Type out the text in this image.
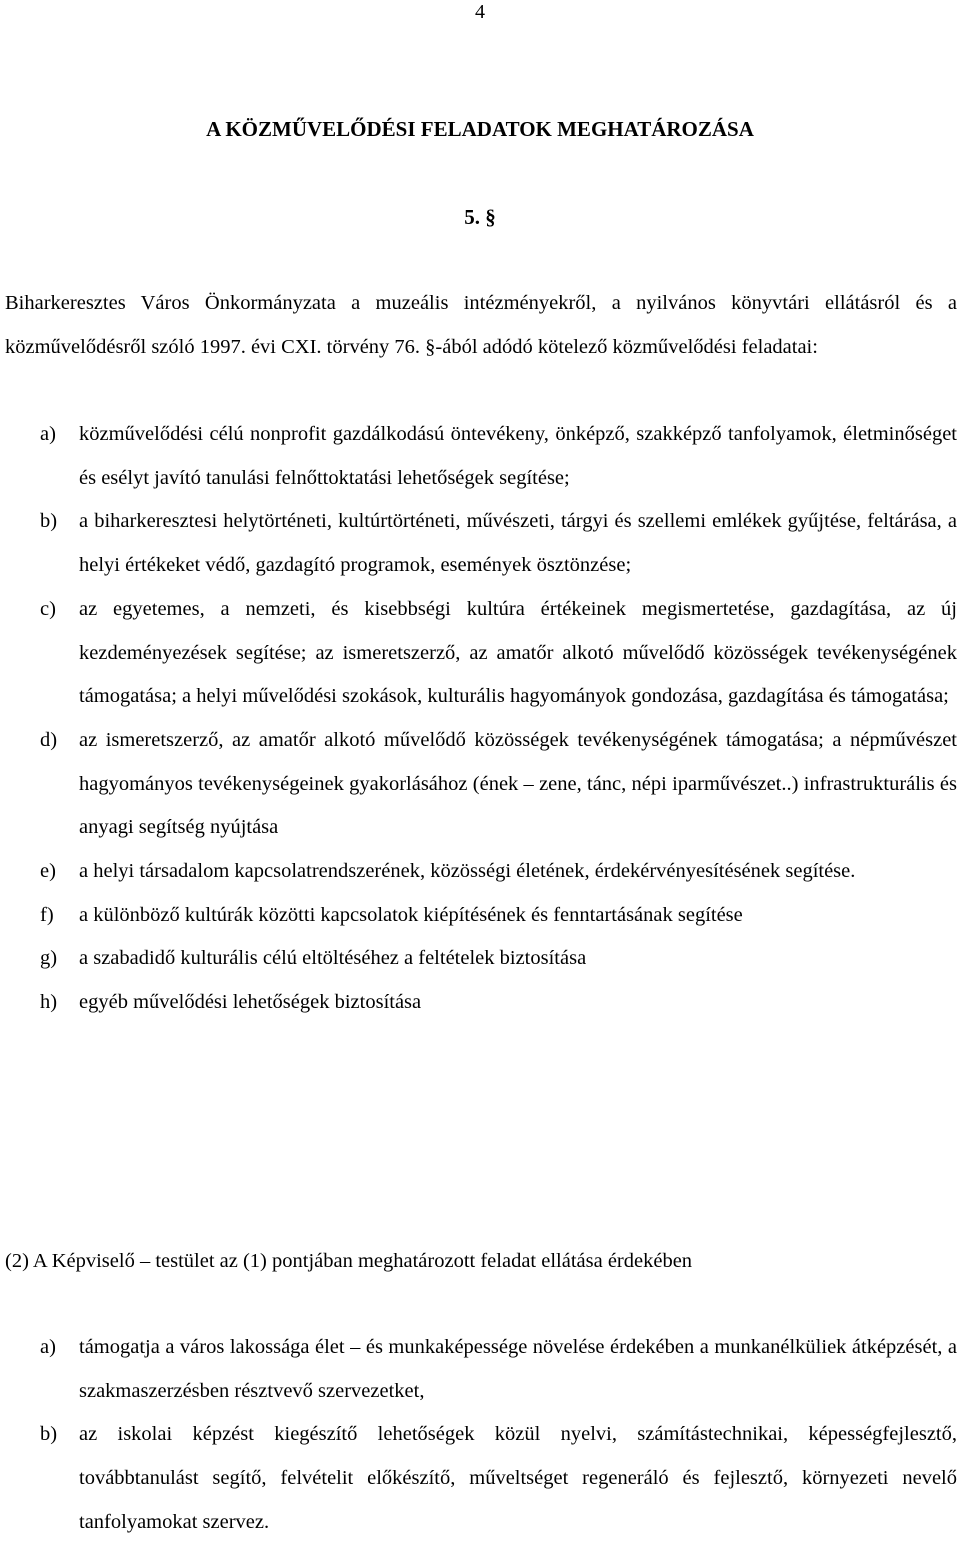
4
A KÖZMŰVELŐDÉSI FELADATOK MEGHATÁROZÁSA
5. §
Biharkeresztes Város Önkormányzata a muzeális intézményekről, a nyilvános könyvtári ellátásról és a közművelődésről szóló 1997. évi CXI. törvény 76. §-ából adódó kötelező közművelődési feladatai:
a) közművelődési célú nonprofit gazdálkodású öntevékeny, önképző, szakképző tanfolyamok, életminőséget és esélyt javító tanulási felnőttoktatási lehetőségek segítése;
b) a biharkeresztesi helytörténeti, kultúrtörténeti, művészeti, tárgyi és szellemi emlékek gyűjtése, feltárása, a helyi értékeket védő, gazdagító programok, események ösztönzése;
c) az egyetemes, a nemzeti, és kisebbségi kultúra értékeinek megismertetése, gazdagítása, az új kezdeményezések segítése; az ismeretszerző, az amatőr alkotó művelődő közösségek tevékenységének támogatása; a helyi művelődési szokások, kulturális hagyományok gondozása, gazdagítása és támogatása;
d) az ismeretszerző, az amatőr alkotó művelődő közösségek tevékenységének támogatása; a népművészet hagyományos tevékenységeinek gyakorlásához (ének – zene, tánc, népi iparművészet..) infrastrukturális és anyagi segítség nyújtása
e) a helyi társadalom kapcsolatrendszerének, közösségi életének, érdekérvényesítésének segítése.
f) a különböző kultúrák közötti kapcsolatok kiépítésének és fenntartásának segítése
g) a szabadidő kulturális célú eltöltéséhez a feltételek biztosítása
h) egyéb művelődési lehetőségek biztosítása
(2) A Képviselő – testület az (1) pontjában meghatározott feladat ellátása érdekében
a) támogatja a város lakossága élet – és munkaképessége növelése érdekében a munkanélküliek átképzését, a szakmaszerzésben résztvevő szervezetket,
b) az iskolai képzést kiegészítő lehetőségek közül nyelvi, számítástechnikai, képességfejlesztő, továbbtanulást segítő, felvételit előkészítő, műveltséget regeneráló és fejlesztő, környezeti nevelő tanfolyamokat szervez.
